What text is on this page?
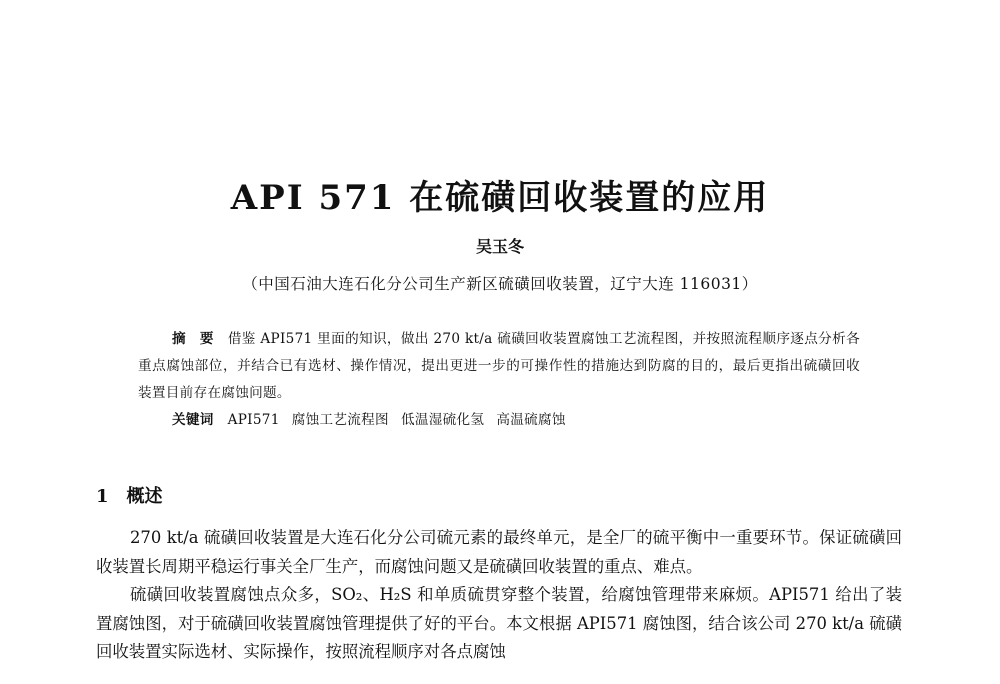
API 571 在硫磺回收装置的应用
吴玉冬
（中国石油大连石化分公司生产新区硫磺回收装置，辽宁大连 116031）

摘　要　 借鉴 API571 里面的知识，做出 270 kt/a 硫磺回收装置腐蚀工艺流程图，并按照流程顺序逐点分析各重点腐蚀部位，并结合已有选材、操作情况，提出更进一步的可操作性的措施达到防腐的目的，最后更指出硫磺回收装置目前存在腐蚀问题。

关键词　 API571 腐蚀工艺流程图 低温湿硫化氢 高温硫腐蚀
1 概述

270 kt/a 硫磺回收装置是大连石化分公司硫元素的最终单元，是全厂的硫平衡中一重要环节。保证硫磺回收装置长周期平稳运行事关全厂生产，而腐蚀问题又是硫磺回收装置的重点、难点。

硫磺回收装置腐蚀点众多，SO₂、H₂S 和单质硫贯穿整个装置，给腐蚀管理带来麻烦。API571 给出了装置腐蚀图，对于硫磺回收装置腐蚀管理提供了好的平台。本文根据 API571 腐蚀图，结合该公司 270 kt/a 硫磺回收装置实际选材、实际操作，按照流程顺序对各点腐蚀
